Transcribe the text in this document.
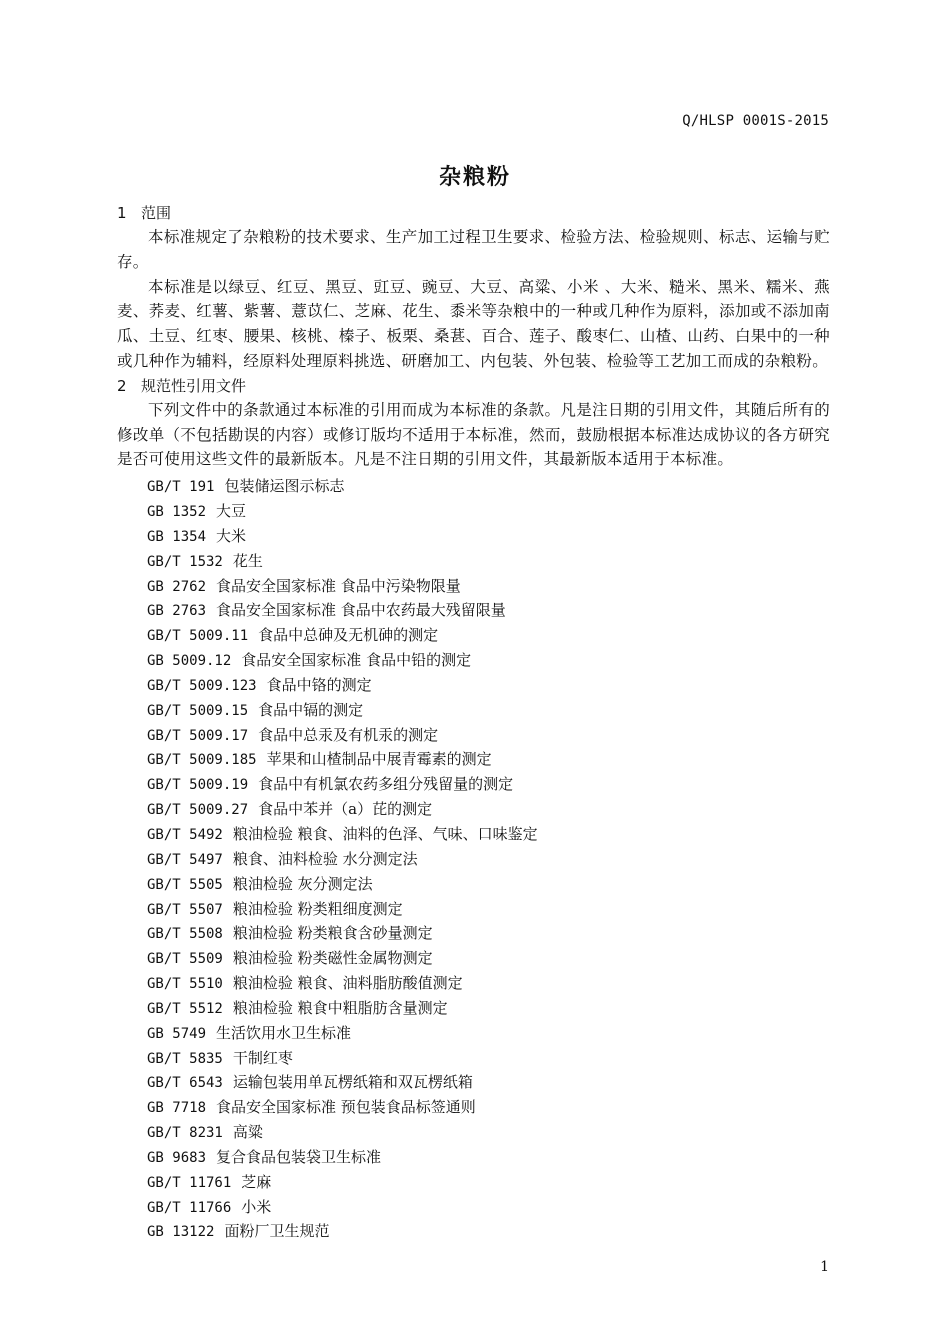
Q/HLSP 0001S-2015
杂粮粉
1 范围

本标准规定了杂粮粉的技术要求、生产加工过程卫生要求、检验方法、检验规则、标志、运输与贮存。

本标准是以绿豆、红豆、黑豆、豇豆、豌豆、大豆、高粱、小米 、大米、糙米、黑米、糯米、燕麦、荞麦、红薯、紫薯、薏苡仁、芝麻、花生、黍米等杂粮中的一种或几种作为原料，添加或不添加南瓜、土豆、红枣、腰果、核桃、榛子、板栗、桑葚、百合、莲子、酸枣仁、山楂、山药、白果中的一种或几种作为辅料，经原料处理原料挑选、研磨加工、内包装、外包装、检验等工艺加工而成的杂粮粉。

2 规范性引用文件

下列文件中的条款通过本标准的引用而成为本标准的条款。凡是注日期的引用文件，其随后所有的修改单（不包括勘误的内容）或修订版均不适用于本标准，然而，鼓励根据本标准达成协议的各方研究是否可使用这些文件的最新版本。凡是不注日期的引用文件，其最新版本适用于本标准。

GB/T 191 包装储运图示标志
GB 1352 大豆
GB 1354 大米
GB/T 1532 花生
GB 2762 食品安全国家标准 食品中污染物限量
GB 2763 食品安全国家标准 食品中农药最大残留限量
GB/T 5009.11 食品中总砷及无机砷的测定
GB 5009.12 食品安全国家标准 食品中铅的测定
GB/T 5009.123 食品中铬的测定
GB/T 5009.15 食品中镉的测定
GB/T 5009.17 食品中总汞及有机汞的测定
GB/T 5009.185 苹果和山楂制品中展青霉素的测定
GB/T 5009.19 食品中有机氯农药多组分残留量的测定
GB/T 5009.27 食品中苯并（a）芘的测定
GB/T 5492 粮油检验 粮食、油料的色泽、气味、口味鉴定
GB/T 5497 粮食、油料检验 水分测定法
GB/T 5505 粮油检验 灰分测定法
GB/T 5507 粮油检验 粉类粗细度测定
GB/T 5508 粮油检验 粉类粮食含砂量测定
GB/T 5509 粮油检验 粉类磁性金属物测定
GB/T 5510 粮油检验 粮食、油料脂肪酸值测定
GB/T 5512 粮油检验 粮食中粗脂肪含量测定
GB 5749 生活饮用水卫生标准
GB/T 5835 干制红枣
GB/T 6543 运输包装用单瓦楞纸箱和双瓦楞纸箱
GB 7718 食品安全国家标准 预包装食品标签通则
GB/T 8231 高粱
GB 9683 复合食品包装袋卫生标准
GB/T 11761 芝麻
GB/T 11766 小米
GB 13122 面粉厂卫生规范
1
